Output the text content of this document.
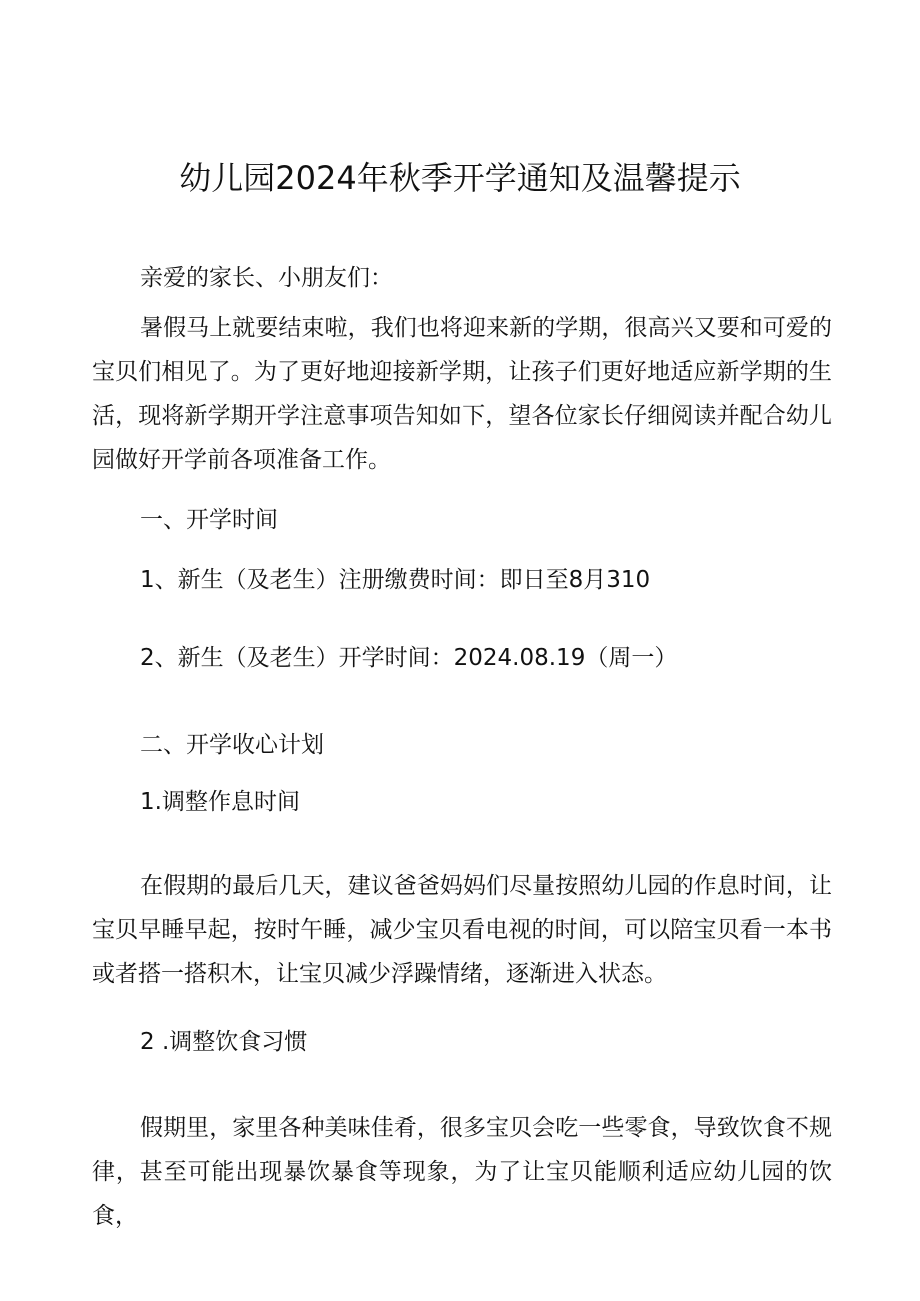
幼儿园2024年秋季开学通知及温馨提示
亲爱的家长、小朋友们：
暑假马上就要结束啦，我们也将迎来新的学期，很高兴又要和可爱的宝贝们相见了。为了更好地迎接新学期，让孩子们更好地适应新学期的生活，现将新学期开学注意事项告知如下，望各位家长仔细阅读并配合幼儿园做好开学前各项准备工作。
一、开学时间
1、新生（及老生）注册缴费时间：即日至8月310
2、新生（及老生）开学时间：2024.08.19（周一）
二、开学收心计划
1.调整作息时间
在假期的最后几天，建议爸爸妈妈们尽量按照幼儿园的作息时间，让宝贝早睡早起，按时午睡，减少宝贝看电视的时间，可以陪宝贝看一本书或者搭一搭积木，让宝贝减少浮躁情绪，逐渐进入状态。
2 .调整饮食习惯
假期里，家里各种美味佳肴，很多宝贝会吃一些零食，导致饮食不规律，甚至可能出现暴饮暴食等现象，为了让宝贝能顺利适应幼儿园的饮食，
